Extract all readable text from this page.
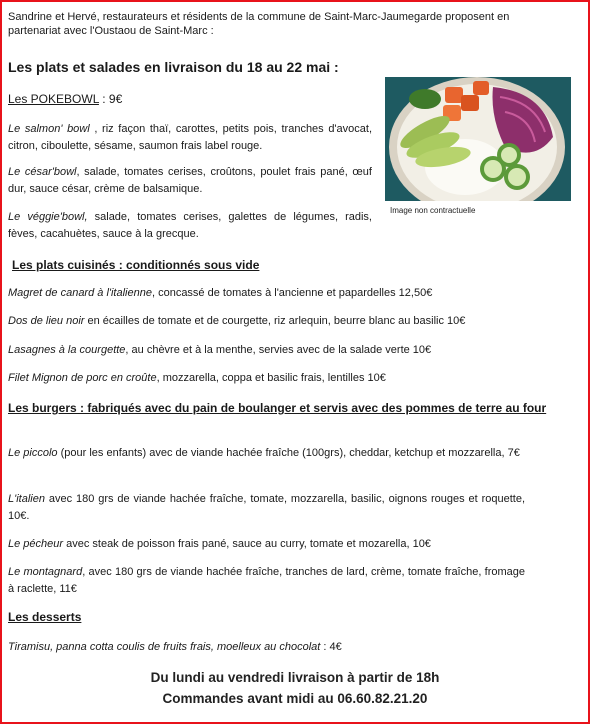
Sandrine et Hervé, restaurateurs et résidents de la commune de Saint-Marc-Jaumegarde proposent en partenariat avec l'Oustaou de Saint-Marc :
Les plats et salades en livraison du 18 au 22 mai :
Les POKEBOWL : 9€
Le salmon' bowl , riz façon thaï, carottes, petits pois, tranches d'avocat, citron, ciboulette, sésame, saumon frais label rouge.
Le césar'bowl, salade, tomates cerises, croûtons, poulet frais pané, œuf dur, sauce césar, crème de balsamique.
Le véggie'bowl, salade, tomates cerises, galettes de légumes, radis, fèves, cacahuètes, sauce à la grecque.
Image non contractuelle
Les plats cuisinés : conditionnés sous vide
Magret de canard à l'italienne, concassé de tomates à l'ancienne et papardelles 12,50€
Dos de lieu noir en écailles de tomate et de courgette, riz arlequin, beurre blanc au basilic 10€
Lasagnes à la courgette, au chèvre et à la menthe, servies avec de la salade verte 10€
Filet Mignon de porc en croûte, mozzarella, coppa et basilic frais, lentilles 10€
Les burgers : fabriqués avec du pain de boulanger et servis avec des pommes de terre au four
Le piccolo (pour les enfants) avec de viande hachée fraîche (100grs), cheddar, ketchup et mozzarella, 7€
L'italien avec 180 grs de viande hachée fraîche, tomate, mozzarella, basilic, oignons rouges et roquette, 10€.
Le pécheur avec steak de poisson frais pané, sauce au curry, tomate et mozarella, 10€
Le montagnard, avec 180 grs de viande hachée fraîche, tranches de lard, crème, tomate fraîche, fromage à raclette, 11€
Les desserts
Tiramisu, panna cotta coulis de fruits frais, moelleux au chocolat : 4€
Du lundi au vendredi livraison à partir de 18h
Commandes avant midi au 06.60.82.21.20
